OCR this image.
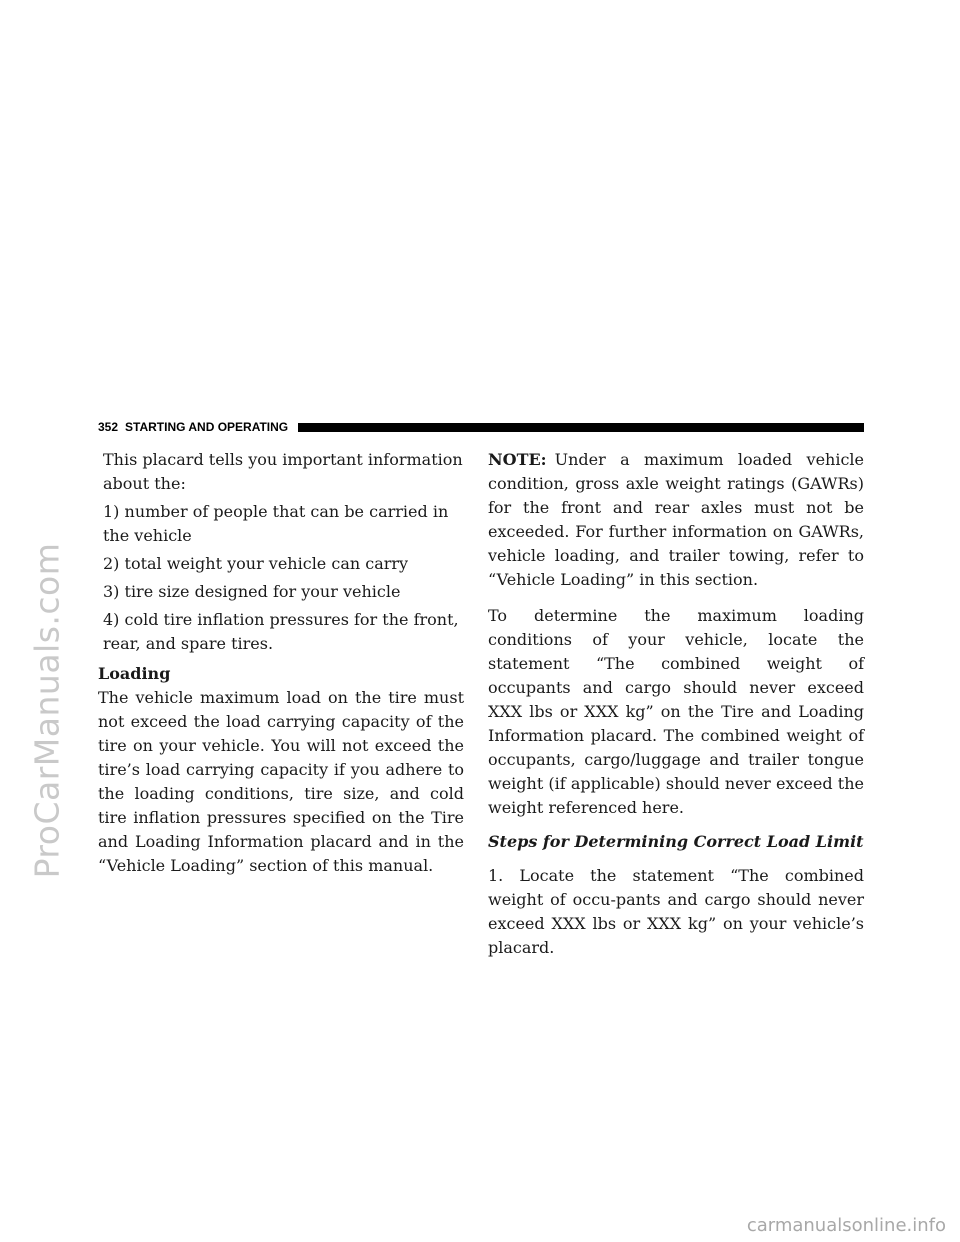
ProCarManuals.com
352 STARTING AND OPERATING

This placard tells you important information about the:

1) number of people that can be carried in the vehicle

2) total weight your vehicle can carry

3) tire size designed for your vehicle

4) cold tire inflation pressures for the front, rear, and spare tires.

Loading

The vehicle maximum load on the tire must not exceed the load carrying capacity of the tire on your vehicle. You will not exceed the tire’s load carrying capacity if you adhere to the loading conditions, tire size, and cold tire inflation pressures specified on the Tire and Loading Information placard and in the “Vehicle Loading” section of this manual.

NOTE: Under a maximum loaded vehicle condition, gross axle weight ratings (GAWRs) for the front and rear axles must not be exceeded. For further information on GAWRs, vehicle loading, and trailer towing, refer to “Vehicle Loading” in this section.

To determine the maximum loading conditions of your vehicle, locate the statement “The combined weight of occupants and cargo should never exceed XXX lbs or XXX kg” on the Tire and Loading Information placard. The combined weight of occupants, cargo/luggage and trailer tongue weight (if applicable) should never exceed the weight referenced here.

Steps for Determining Correct Load Limit

1. Locate the statement “The combined weight of occu-pants and cargo should never exceed XXX lbs or XXX kg” on your vehicle’s placard.

carmanualsonline.info
